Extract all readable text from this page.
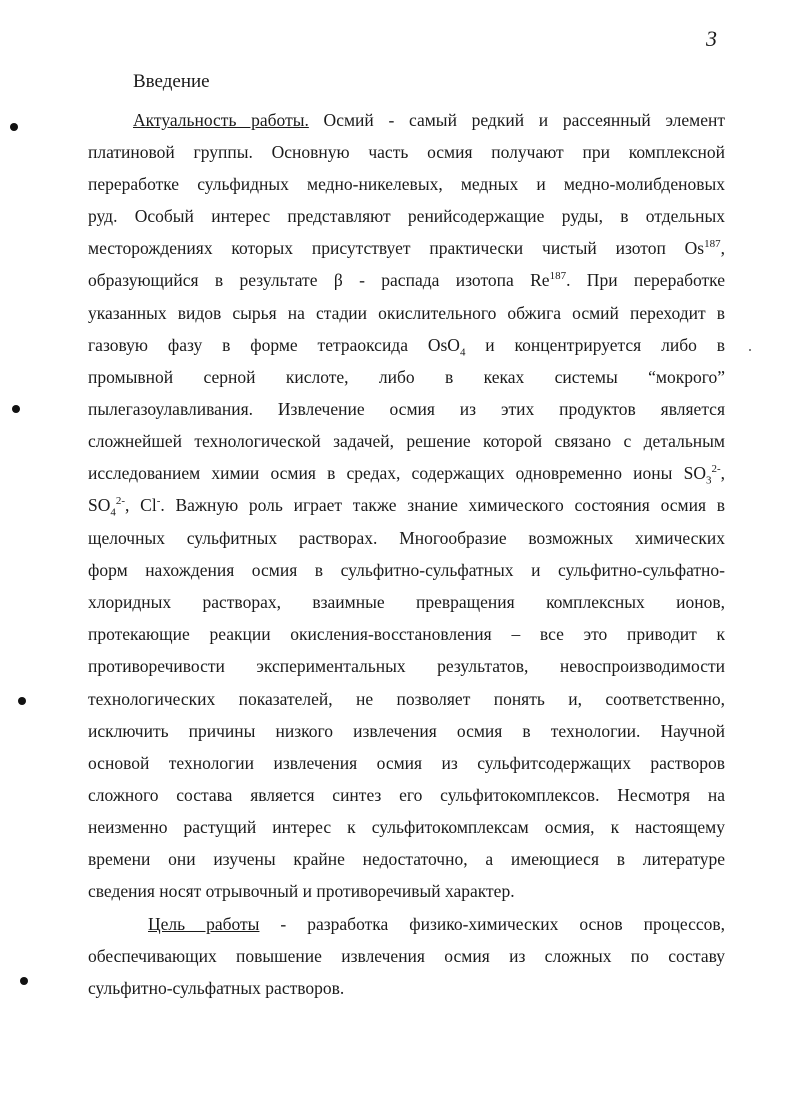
3
Введение
Актуальность работы. Осмий - самый редкий и рассеянный элемент
платиновой группы. Основную часть осмия получают при комплексной
переработке сульфидных медно-никелевых, медных и медно-молибденовых
руд. Особый интерес представляют ренийсодержащие руды, в отдельных
месторождениях которых присутствует практически чистый изотоп Os$^{187}$,
образующийся в результате β - распада изотопа Re$^{187}$. При переработке
указанных видов сырья на стадии окислительного обжига осмий переходит в
газовую фазу в форме тетраоксида OsO$_4$ и концентрируется либо в
промывной серной кислоте, либо в кеках системы “мокрого”
пылегазоулавливания. Извлечение осмия из этих продуктов является
сложнейшей технологической задачей, решение которой связано с детальным
исследованием химии осмия в средах, содержащих одновременно ионы $SO_3^{2-}$,
$SO_4^{2-}$, Cl-. Важную роль играет также знание химического состояния осмия в
щелочных сульфитных растворах. Многообразие возможных химических
форм нахождения осмия в сульфитно-сульфатных и сульфитно-сульфатно-
хлоридных растворах, взаимные превращения комплексных ионов,
протекающие реакции окисления-восстановления – все это приводит к
противоречивости экспериментальных результатов, невоспроизводимости
технологических показателей, не позволяет понять и, соответственно,
исключить причины низкого извлечения осмия в технологии. Научной
основой технологии извлечения осмия из сульфитсодержащих растворов
сложного состава является синтез его сульфитокомплексов. Несмотря на
неизменно растущий интерес к сульфитокомплексам осмия, к настоящему
времени они изучены крайне недостаточно, а имеющиеся в литературе
сведения носят отрывочный и противоречивый характер.
Цель работы - разработка физико-химических основ процессов,
обеспечивающих повышение извлечения осмия из сложных по составу
сульфитно-сульфатных растворов.
